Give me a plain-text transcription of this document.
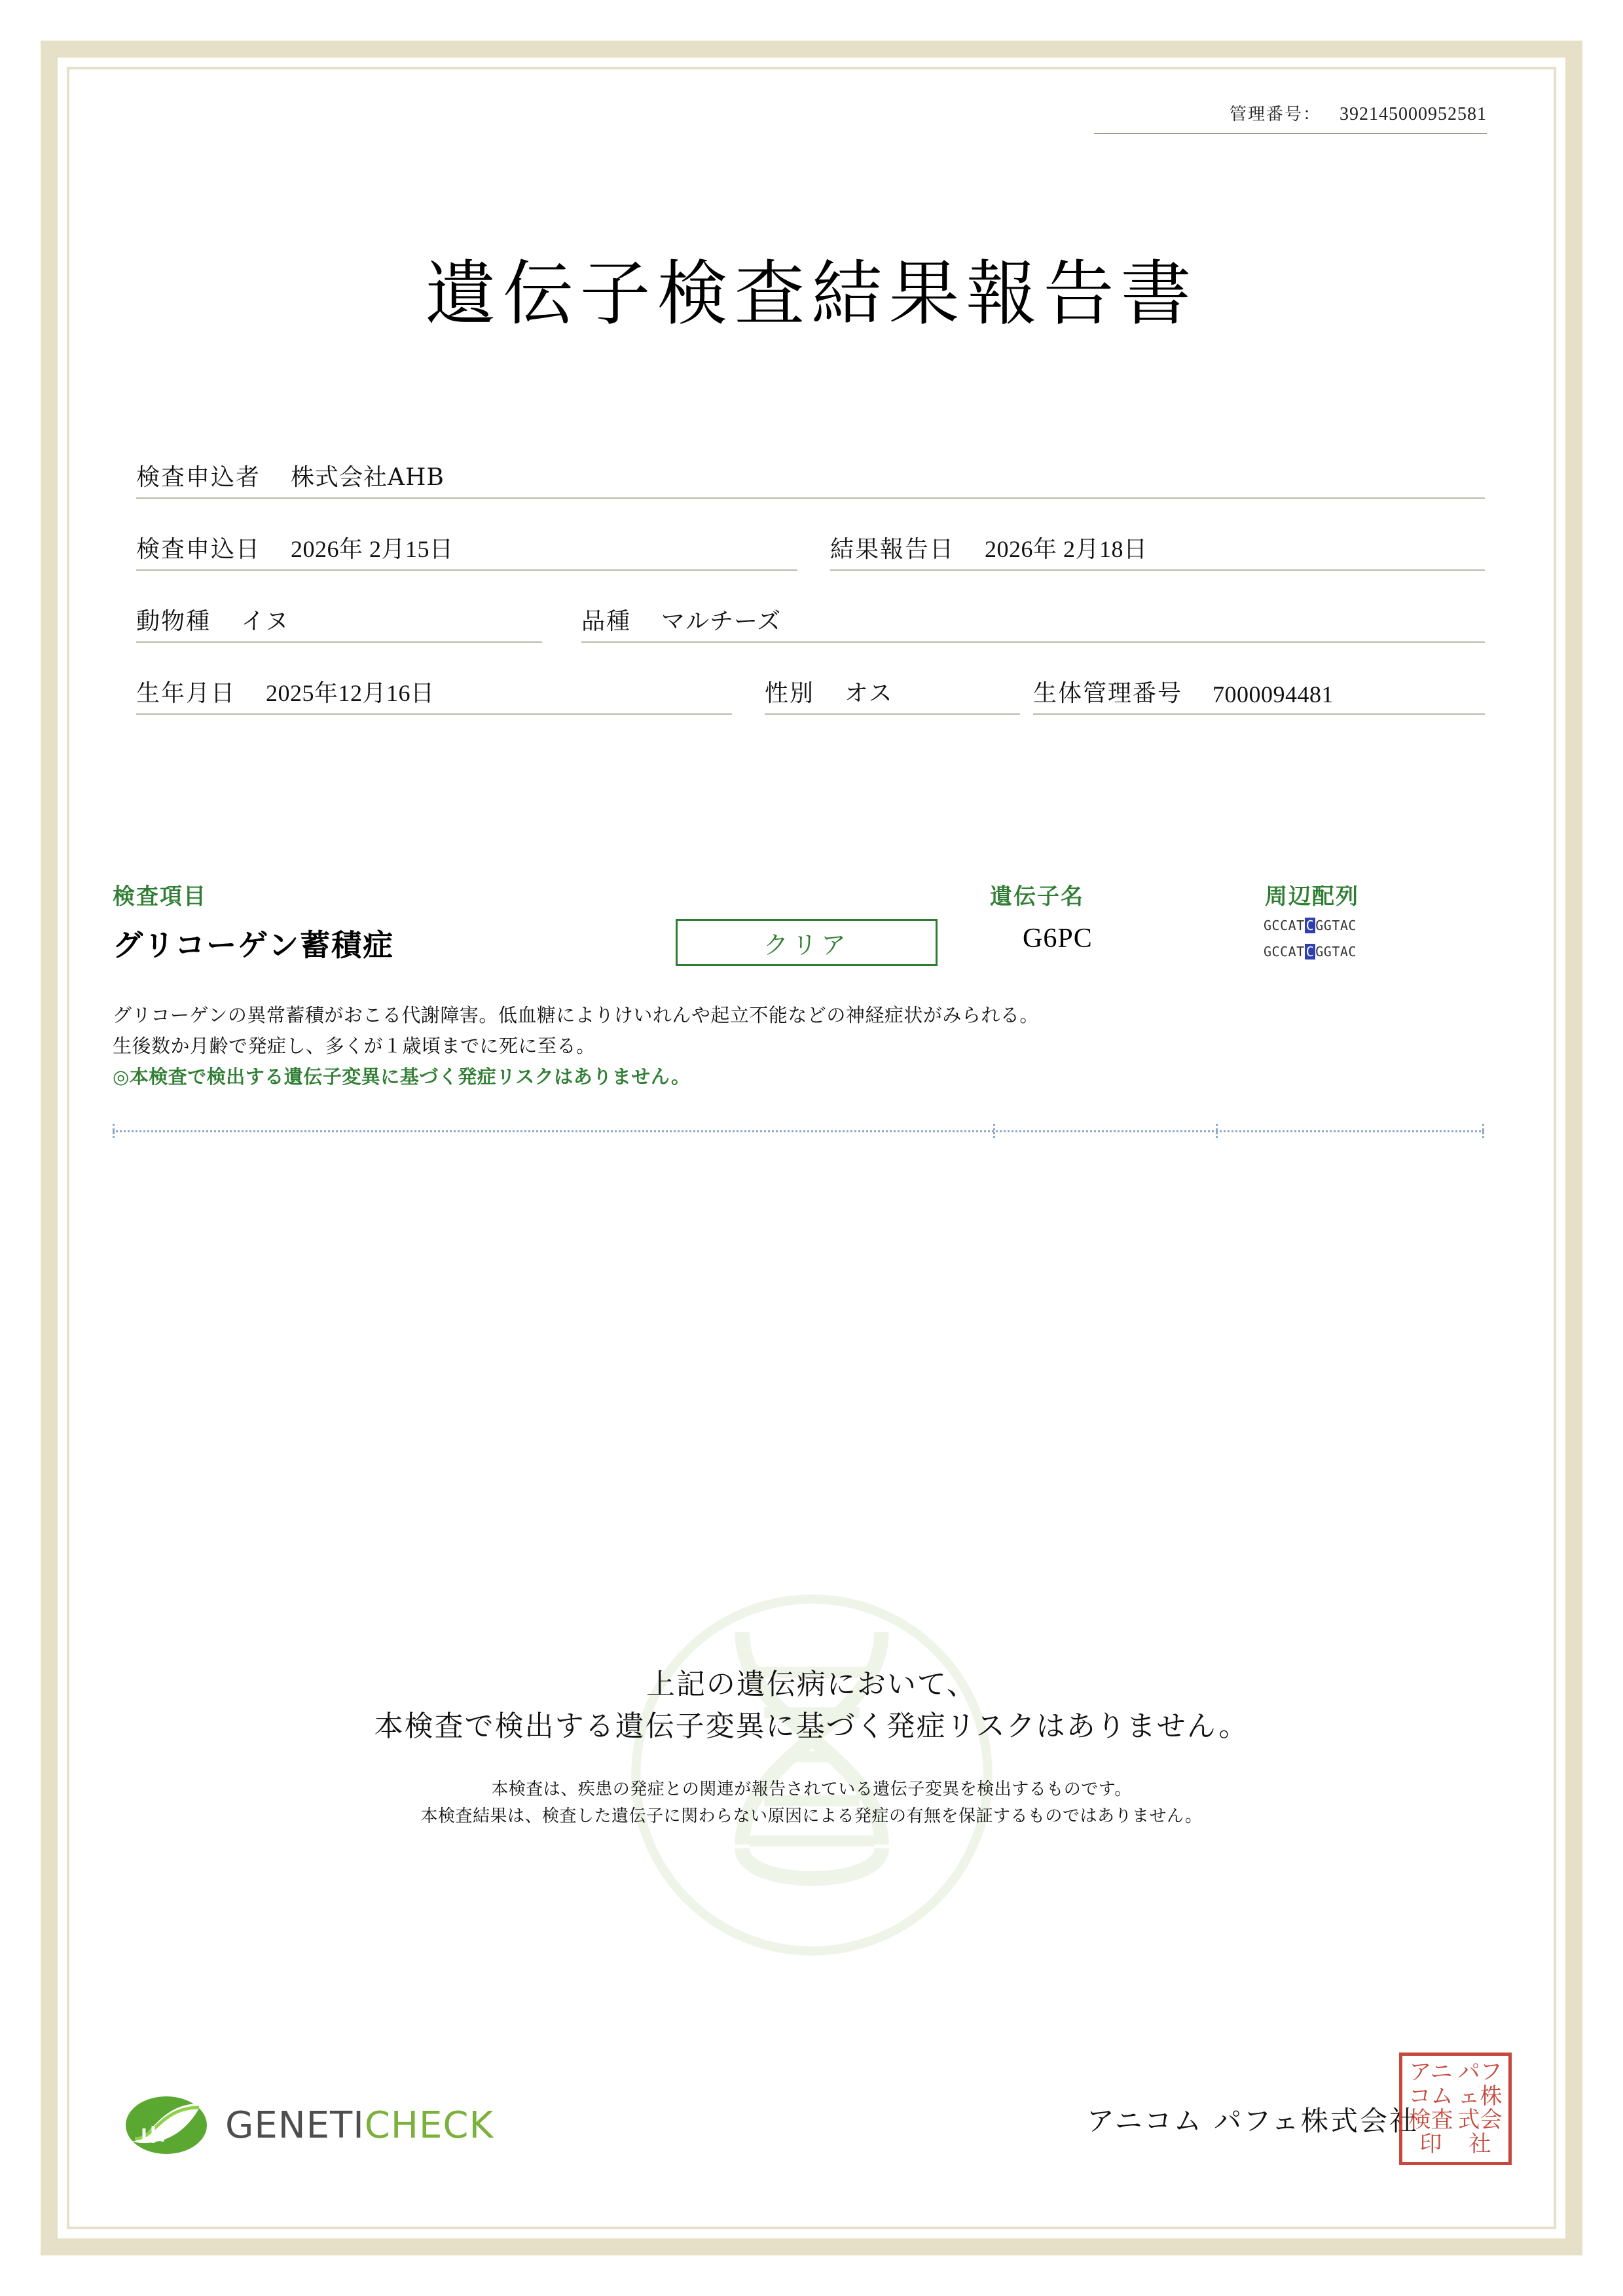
管理番号： 392145000952581
遺伝子検査結果報告書
検査申込者 株式会社AHB
検査申込日 2026年 2月15日	結果報告日 2026年 2月18日
動物種 イヌ	品種 マルチーズ
生年月日 2025年12月16日	性別 オス	生体管理番号 7000094481
検査項目	遺伝子名	周辺配列
グリコーゲン蓄積症	クリア	G6PC	GCCAT C GGTAC
GCCAT C GGTAC

グリコーゲンの異常蓄積がおこる代謝障害。低血糖によりけいれんや起立不能などの神経症状がみられる。

生後数か月齢で発症し、多くが１歳頃までに死に至る。

◎本検査で検出する遺伝子変異に基づく発症リスクはありません。

上記の遺伝病において、
本検査で検出する遺伝子変異に基づく発症リスクはありません。
本検査は、疾患の発症との関連が報告されている遺伝子変異を検出するものです。
本検査結果は、検査した遺伝子に関わらない原因による発症の有無を保証するものではありません。
GENETICHECK	アニコム パフェ株式会社
アニ パフ
コム ェ株
検査 式会
印	社
